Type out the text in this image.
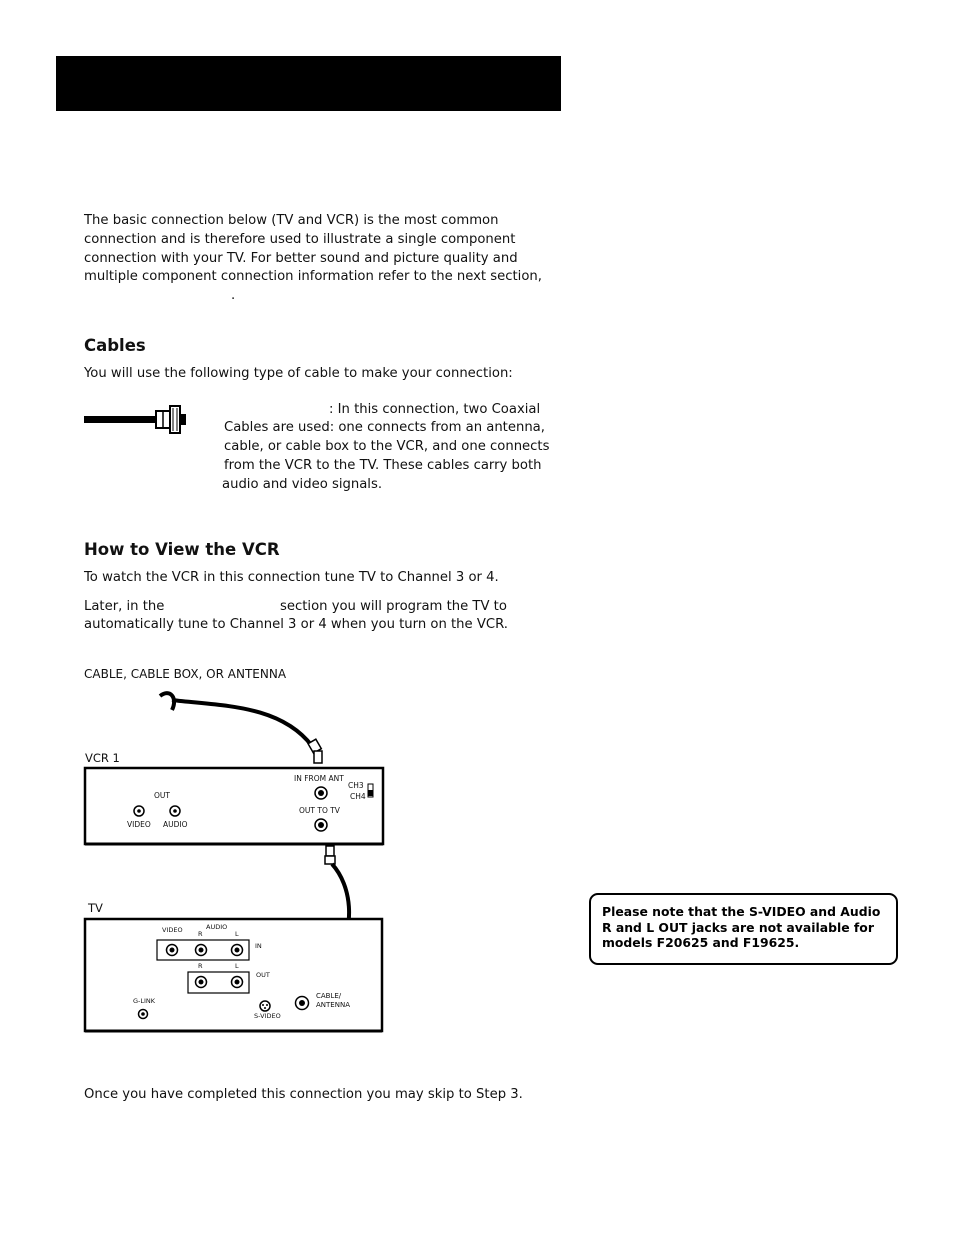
The basic connection below (TV and VCR) is the most common

connection and is therefore used to illustrate a single component

connection with your TV. For better sound and picture quality and

multiple component connection information refer to the next section,

.

Cables

You will use the following type of cable to make your connection:

: In this connection, two Coaxial

Cables are used: one connects from an antenna,

cable, or cable box to the VCR, and one connects

from the VCR to the TV. These cables carry both

audio and video signals.

How to View the VCR

To watch the VCR in this connection tune TV to Channel 3 or 4.

Later, in the	section you will program the TV to

automatically tune to Channel 3 or 4 when you turn on the VCR.

CABLE, CABLE BOX, OR ANTENNA
VCR 1
OUT
VIDEO AUDIO
IN FROM ANT
CH3
CH4
OUT TO TV
TV
VIDEO	AUDIO
R	L
IN
R	L
OUT
G-LINK
S-VIDEO
CABLE/
ANTENNA

Once you have completed this connection you may skip to Step 3.

Please note that the S-VIDEO and Audio R and L OUT jacks are not available for models F20625 and F19625.
